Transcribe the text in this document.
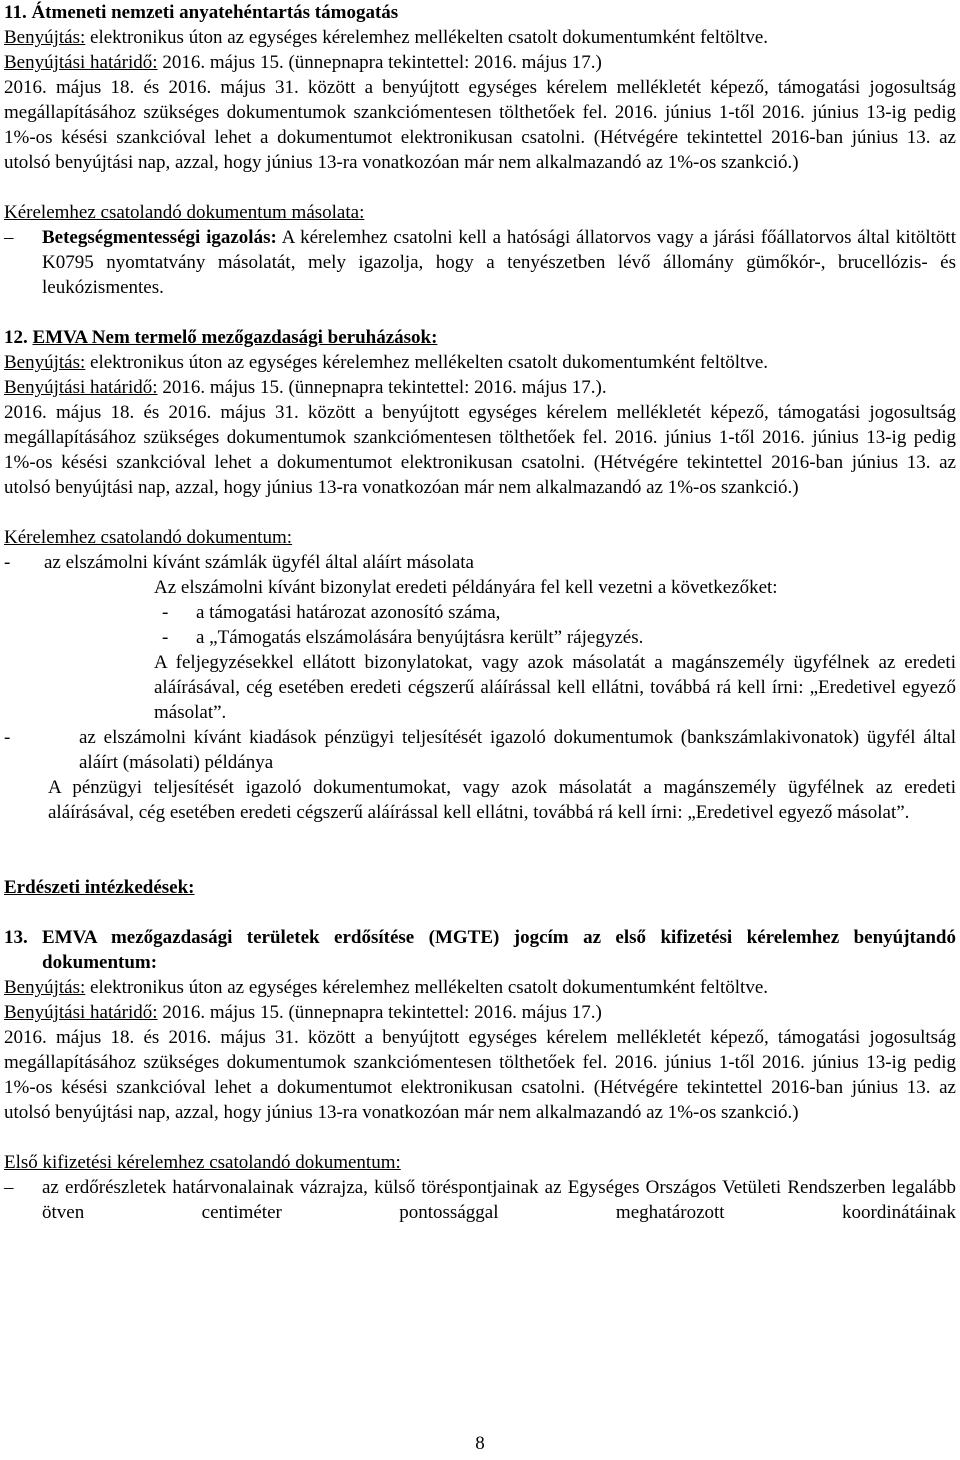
11. Átmeneti nemzeti anyatehéntartás támogatás

Benyújtás: elektronikus úton az egységes kérelemhez mellékelten csatolt dokumentumként feltöltve.

Benyújtási határidő: 2016. május 15. (ünnepnapra tekintettel: 2016. május 17.)

2016. május 18. és 2016. május 31. között a benyújtott egységes kérelem mellékletét képező, támogatási jogosultság megállapításához szükséges dokumentumok szankciómentesen tölthetőek fel. 2016. június 1-től 2016. június 13-ig pedig 1%-os késési szankcióval lehet a dokumentumot elektronikusan csatolni. (Hétvégére tekintettel 2016-ban június 13. az utolsó benyújtási nap, azzal, hogy június 13-ra vonatkozóan már nem alkalmazandó az 1%-os szankció.)

Kérelemhez csatolandó dokumentum másolata:

– Betegségmentességi igazolás: A kérelemhez csatolni kell a hatósági állatorvos vagy a járási főállatorvos által kitöltött K0795 nyomtatvány másolatát, mely igazolja, hogy a tenyészetben lévő állomány gümőkór-, brucellózis- és leukózismentes.

12. EMVA Nem termelő mezőgazdasági beruházások:

Benyújtás: elektronikus úton az egységes kérelemhez mellékelten csatolt dukomentumként feltöltve.

Benyújtási határidő: 2016. május 15. (ünnepnapra tekintettel: 2016. május 17.).

2016. május 18. és 2016. május 31. között a benyújtott egységes kérelem mellékletét képező, támogatási jogosultság megállapításához szükséges dokumentumok szankciómentesen tölthetőek fel. 2016. június 1-től 2016. június 13-ig pedig 1%-os késési szankcióval lehet a dokumentumot elektronikusan csatolni. (Hétvégére tekintettel 2016-ban június 13. az utolsó benyújtási nap, azzal, hogy június 13-ra vonatkozóan már nem alkalmazandó az 1%-os szankció.)

Kérelemhez csatolandó dokumentum:

- az elszámolni kívánt számlák ügyfél által aláírt másolata

Az elszámolni kívánt bizonylat eredeti példányára fel kell vezetni a következőket:

- a támogatási határozat azonosító száma,

- a „Támogatás elszámolására benyújtásra került” rájegyzés.

A feljegyzésekkel ellátott bizonylatokat, vagy azok másolatát a magánszemély ügyfélnek az eredeti aláírásával, cég esetében eredeti cégszerű aláírással kell ellátni, továbbá rá kell írni: „Eredetivel egyező másolat”.

-	az elszámolni kívánt kiadások pénzügyi teljesítését igazoló dokumentumok (bankszámlakivonatok) ügyfél által aláírt (másolati) példánya

A pénzügyi teljesítését igazoló dokumentumokat, vagy azok másolatát a magánszemély ügyfélnek az eredeti aláírásával, cég esetében eredeti cégszerű aláírással kell ellátni, továbbá rá kell írni: „Eredetivel egyező másolat”.

Erdészeti intézkedések:

13. EMVA mezőgazdasági területek erdősítése (MGTE) jogcím az első kifizetési kérelemhez benyújtandó dokumentum:

Benyújtás: elektronikus úton az egységes kérelemhez mellékelten csatolt dokumentumként feltöltve.

Benyújtási határidő: 2016. május 15. (ünnepnapra tekintettel: 2016. május 17.)

2016. május 18. és 2016. május 31. között a benyújtott egységes kérelem mellékletét képező, támogatási jogosultság megállapításához szükséges dokumentumok szankciómentesen tölthetőek fel. 2016. június 1-től 2016. június 13-ig pedig 1%-os késési szankcióval lehet a dokumentumot elektronikusan csatolni. (Hétvégére tekintettel 2016-ban június 13. az utolsó benyújtási nap, azzal, hogy június 13-ra vonatkozóan már nem alkalmazandó az 1%-os szankció.)

Első kifizetési kérelemhez csatolandó dokumentum:

– az erdőrészletek határvonalainak vázrajza, külső töréspontjainak az Egységes Országos Vetületi Rendszerben legalább ötven centiméter pontossággal meghatározott koordinátáinak

8
